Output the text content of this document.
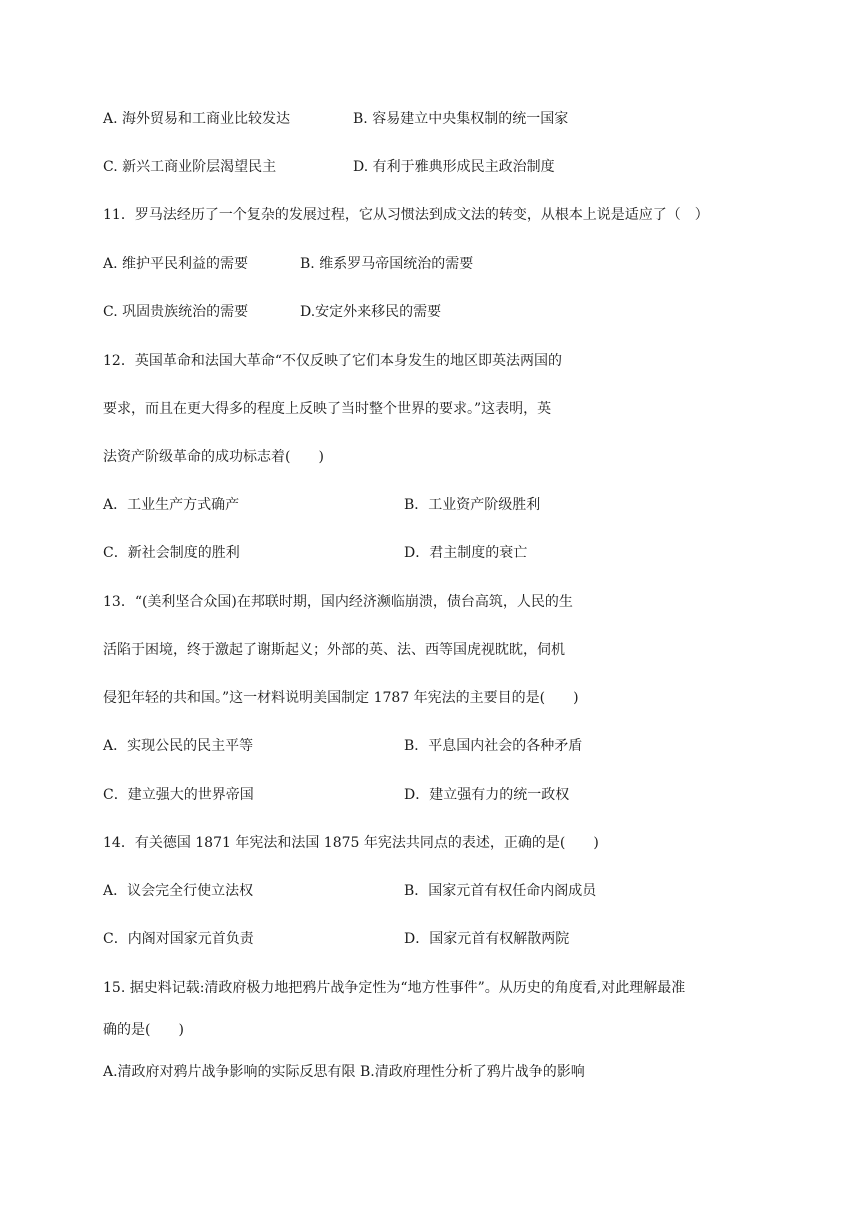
A. 海外贸易和工商业比较发达	B. 容易建立中央集权制的统一国家
C. 新兴工商业阶层渴望民主	D. 有利于雅典形成民主政治制度
11．罗马法经历了一个复杂的发展过程，它从习惯法到成文法的转变，从根本上说是适应了（　）
A. 维护平民利益的需要	B. 维系罗马帝国统治的需要
C. 巩固贵族统治的需要	D.安定外来移民的需要
12．英国革命和法国大革命“不仅反映了它们本身发生的地区即英法两国的
要求，而且在更大得多的程度上反映了当时整个世界的要求。”这表明，英
法资产阶级革命的成功标志着(　　)
A．工业生产方式确产	B．工业资产阶级胜利
C．新社会制度的胜利	D．君主制度的衰亡
13．“(美利坚合众国)在邦联时期，国内经济濒临崩溃，债台高筑，人民的生
活陷于困境，终于激起了谢斯起义；外部的英、法、西等国虎视眈眈，伺机
侵犯年轻的共和国。”这一材料说明美国制定 1787 年宪法的主要目的是(　　)
A．实现公民的民主平等	B．平息国内社会的各种矛盾
C．建立强大的世界帝国	D．建立强有力的统一政权
14．有关德国 1871 年宪法和法国 1875 年宪法共同点的表述，正确的是(　　)
A．议会完全行使立法权	B．国家元首有权任命内阁成员
C．内阁对国家元首负责	D．国家元首有权解散两院
15. 据史料记载:清政府极力地把鸦片战争定性为“地方性事件”。从历史的角度看,对此理解最准
确的是(　　)
A.清政府对鸦片战争影响的实际反思有限 B.清政府理性分析了鸦片战争的影响
